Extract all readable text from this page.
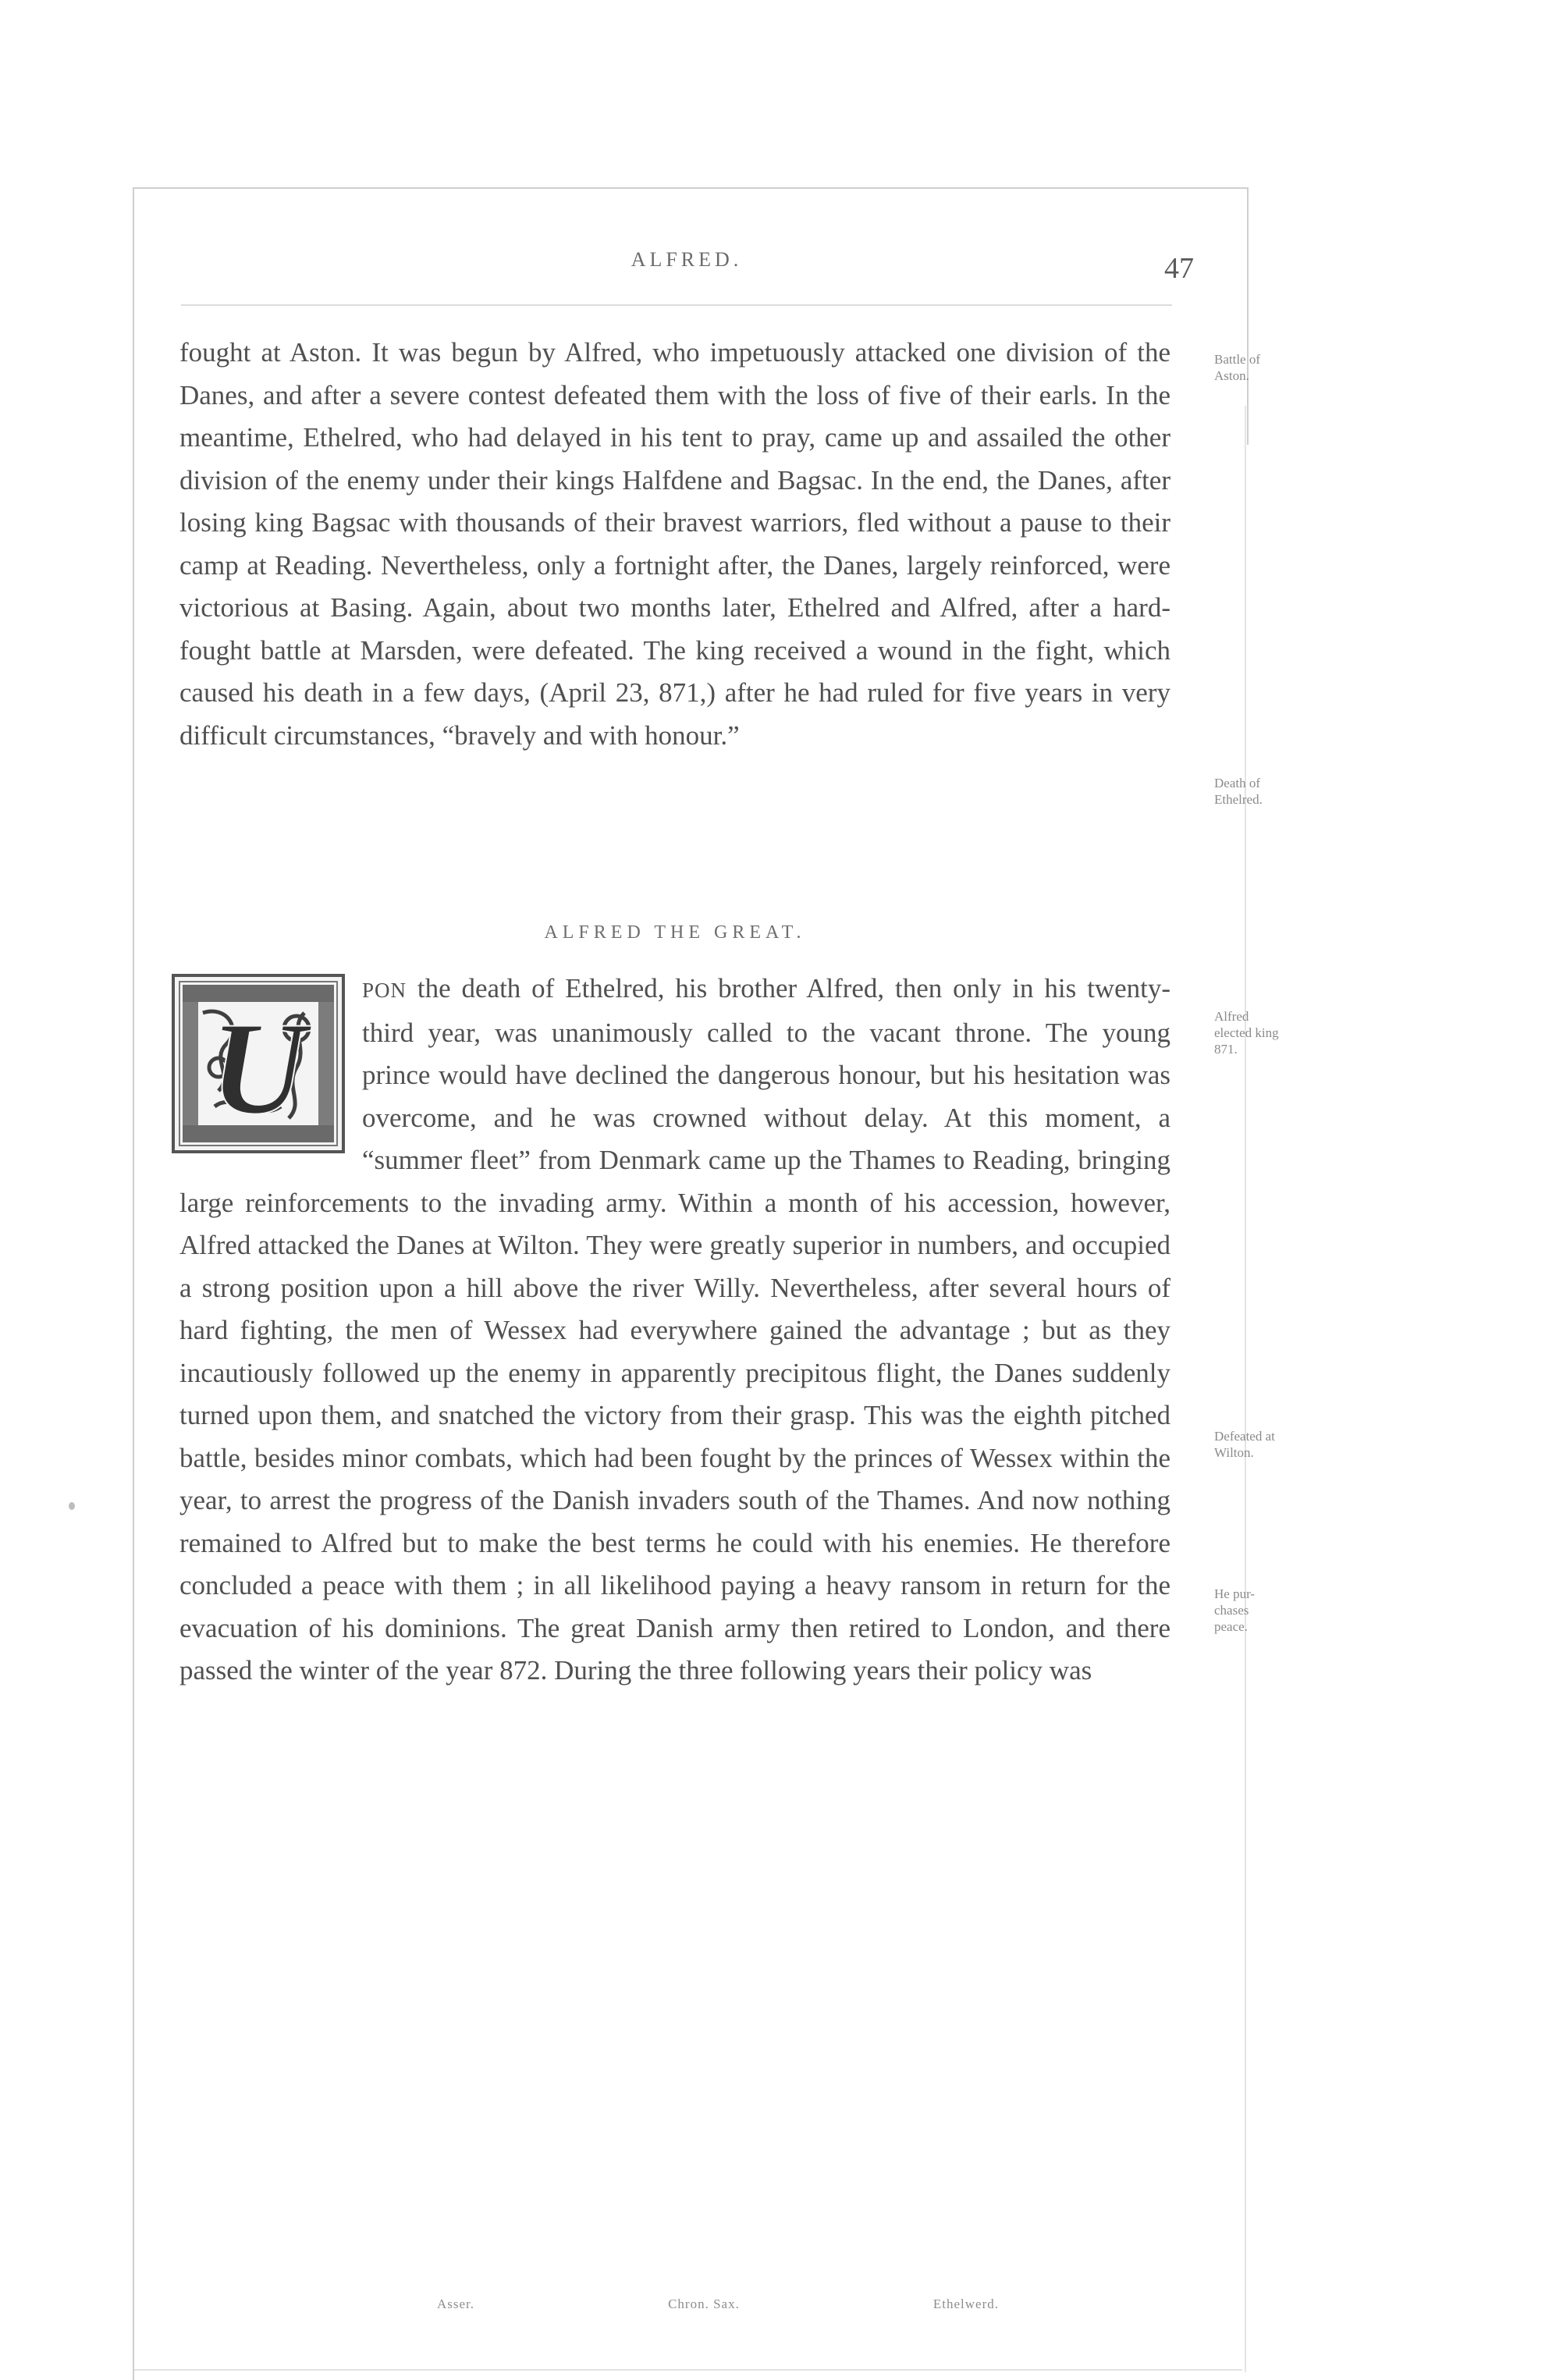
ALFRED.	47

fought at Aston. It was begun by Alfred, who impetuously attacked one division of the Danes, and after a severe contest defeated them with the loss of five of their earls. In the meantime, Ethelred, who had delayed in his tent to pray, came up and assailed the other division of the enemy under their kings Halfdene and Bagsac. In the end, the Danes, after losing king Bagsac with thousands of their bravest warriors, fled without a pause to their camp at Reading. Nevertheless, only a fortnight after, the Danes, largely reinforced, were victorious at Basing. Again, about two months later, Ethelred and Alfred, after a hard-fought battle at Marsden, were defeated. The king received a wound in the fight, which caused his death in a few days, (April 23, 871,) after he had ruled for five years in very difficult circumstances, “bravely and with honour.”

ALFRED THE GREAT.
U

PON the death of Ethelred, his brother Alfred, then only in his twenty-third year, was unanimously called to the vacant throne. The young prince would have declined the dangerous honour, but his hesitation was overcome, and he was crowned without delay. At this moment, a “summer fleet” from Denmark came up the Thames to Reading, bringing large reinforcements to the invading army. Within a month of his accession, however, Alfred attacked the Danes at Wilton. They were greatly superior in numbers, and occupied a strong position upon a hill above the river Willy. Nevertheless, after several hours of hard fighting, the men of Wessex had everywhere gained the advantage ; but as they incautiously followed up the enemy in apparently precipitous flight, the Danes suddenly turned upon them, and snatched the victory from their grasp. This was the eighth pitched battle, besides minor combats, which had been fought by the princes of Wessex within the year, to arrest the progress of the Danish invaders south of the Thames. And now nothing remained to Alfred but to make the best terms he could with his enemies. He therefore concluded a peace with them ; in all likelihood paying a heavy ransom in return for the evacuation of his dominions. The great Danish army then retired to London, and there passed the winter of the year 872. During the three following years their policy was

Battle of
Aston.
Death of
Ethelred.
Alfred
elected king
871.
Defeated at
Wilton.
He pur-
chases
peace.
Asser.	Chron. Sax.	Ethelwerd.
